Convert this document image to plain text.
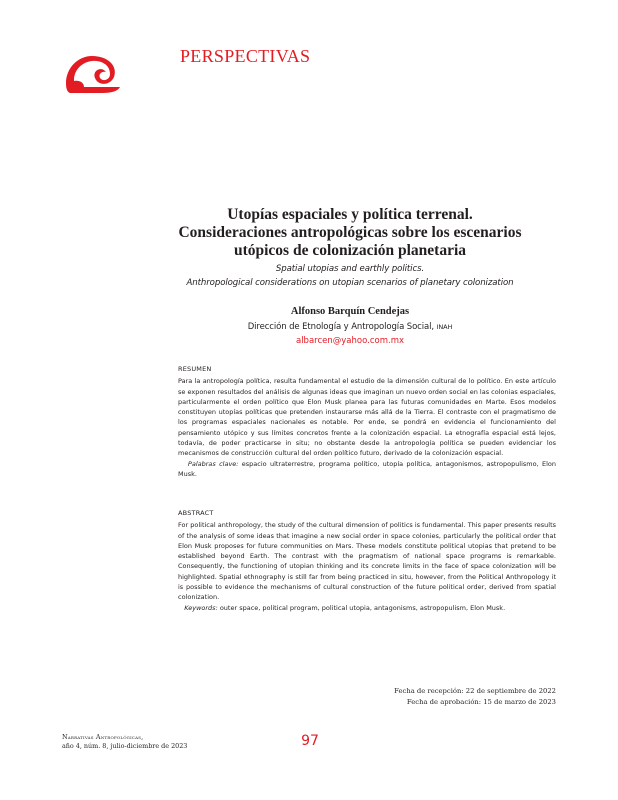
PERSPECTIVAS
Utopías espaciales y política terrenal.
Consideraciones antropológicas sobre los escenarios
utópicos de colonización planetaria
Spatial utopias and earthly politics.
Anthropological considerations on utopian scenarios of planetary colonization
Alfonso Barquín Cendejas
Dirección de Etnología y Antropología Social, INAH
albarcen@yahoo.com.mx
RESUMEN

Para la antropología política, resulta fundamental el estudio de la dimensión cultural de lo político. En este artículo se exponen resultados del análisis de algunas ideas que imaginan un nuevo orden social en las colonias espaciales, particularmente el orden político que Elon Musk planea para las futuras comunidades en Marte. Esos modelos constituyen utopías políticas que pretenden instaurarse más allá de la Tierra. El contraste con el pragmatismo de los programas espaciales nacionales es notable. Por ende, se pondrá en evidencia el funcionamiento del pensamiento utópico y sus límites concretos frente a la colonización espacial. La etnografía espacial está lejos, todavía, de poder practicarse in situ; no obstante desde la antropología política se pueden evidenciar los mecanismos de construcción cultural del orden político futuro, derivado de la colonización espacial.

Palabras clave: espacio ultraterrestre, programa político, utopía política, antagonismos, astropopulismo, Elon Musk.

ABSTRACT

For political anthropology, the study of the cultural dimension of politics is fundamental. This paper presents results of the analysis of some ideas that imagine a new social order in space colonies, particularly the political order that Elon Musk proposes for future communities on Mars. These models constitute political utopias that pretend to be established beyond Earth. The contrast with the pragmatism of national space programs is remarkable. Consequently, the functioning of utopian thinking and its concrete limits in the face of space colonization will be highlighted. Spatial ethnography is still far from being practiced in situ, however, from the Political Anthropology it is possible to evidence the mechanisms of cultural construction of the future political order, derived from spatial colonization.

Keywords: outer space, political program, political utopia, antagonisms, astropopulism, Elon Musk.

Fecha de recepción: 22 de septiembre de 2022
Fecha de aprobación: 15 de marzo de 2023
Narrativas Antropológicas,
año 4, núm. 8, julio-diciembre de 2023	97
